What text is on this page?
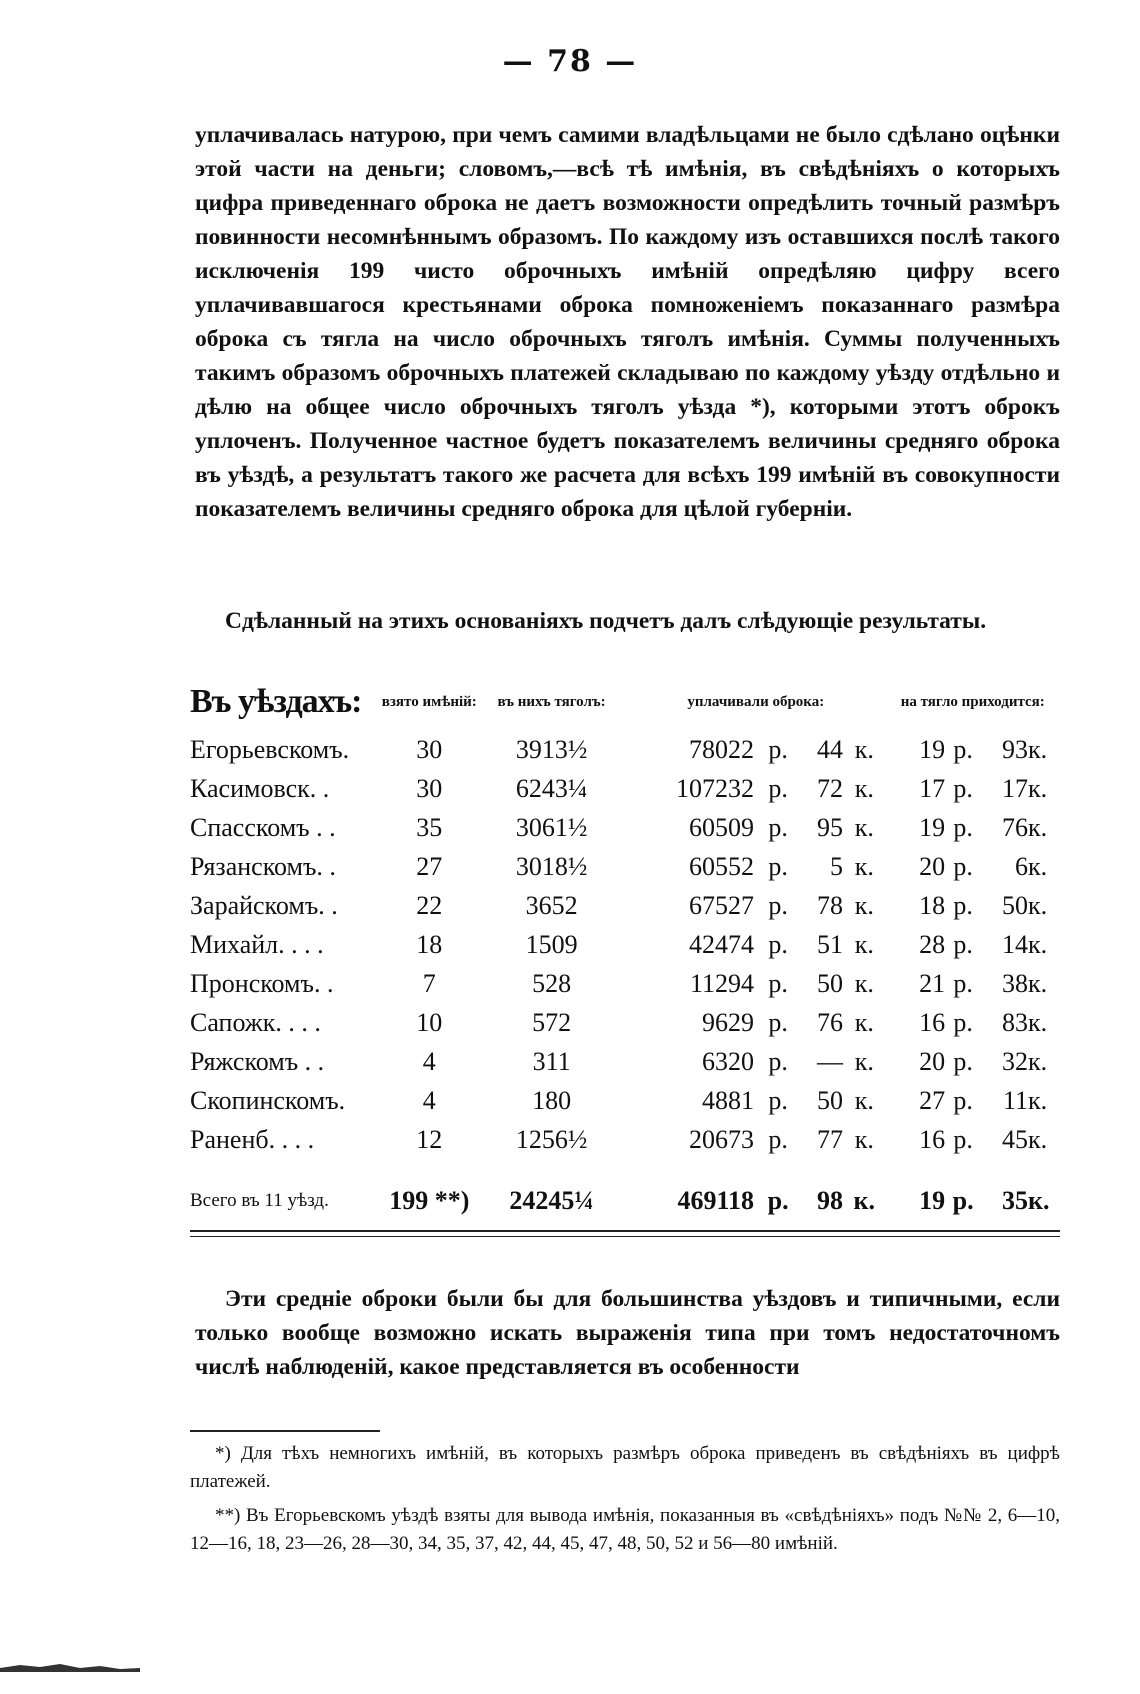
— 78 —

уплачивалась натурою, при чемъ самими владѣльцами не было сдѣлано оцѣнки этой части на деньги; словомъ,—всѣ тѣ имѣнія, въ свѣдѣніяхъ о которыхъ цифра приведеннаго оброка не даетъ возможности опредѣлить точный размѣръ повинности несомнѣннымъ образомъ. По каждому изъ оставшихся послѣ такого исключенія 199 чисто оброчныхъ имѣній опредѣляю цифру всего уплачивавшагося крестьянами оброка помноженіемъ показаннаго размѣра оброка съ тягла на число оброчныхъ тяголъ имѣнія. Суммы полученныхъ такимъ образомъ оброчныхъ платежей складываю по каждому уѣзду отдѣльно и дѣлю на общее число оброчныхъ тяголъ уѣзда *), которыми этотъ оброкъ уплоченъ. Полученное частное будетъ показателемъ величины средняго оброка въ уѣздѣ, а результатъ такого же расчета для всѣхъ 199 имѣній въ совокупности показателемъ величины средняго оброка для цѣлой губерніи.

Сдѣланный на этихъ основаніяхъ подчетъ далъ слѣдующіе результаты.

Въ уѣздахъ:	взято имѣній:	въ нихъ тяголъ:	уплачивали оброка:				на тягло приходится:			
Егорьевскомъ.	30	3913½	78022	р.	44	к.	19	р.	93	к.
Касимовск. .	30	6243¼	107232	р.	72	к.	17	р.	17	к.
Спасскомъ . .	35	3061½	60509	р.	95	к.	19	р.	76	к.
Рязанскомъ. .	27	3018½	60552	р.	5	к.	20	р.	6	к.
Зарайскомъ. .	22	3652	67527	р.	78	к.	18	р.	50	к.
Михайл. . . .	18	1509	42474	р.	51	к.	28	р.	14	к.
Пронскомъ. .	7	528	11294	р.	50	к.	21	р.	38	к.
Сапожк. . . .	10	572	9629	р.	76	к.	16	р.	83	к.
Ряжскомъ . .	4	311	6320	р.	—	к.	20	р.	32	к.
Скопинскомъ.	4	180	4881	р.	50	к.	27	р.	11	к.
Раненб. . . .	12	1256½	20673	р.	77	к.	16	р.	45	к.
Всего въ 11 уѣзд.	199 **)	24245¼	469118	р.	98	к.	19	р.	35	к.

Эти средніе оброки были бы для большинства уѣздовъ и типичными, если только вообще возможно искать выраженія типа при томъ недостаточномъ числѣ наблюденій, какое представляется въ особенности

*) Для тѣхъ немногихъ имѣній, въ которыхъ размѣръ оброка приведенъ въ свѣдѣніяхъ въ цифрѣ платежей.

**) Въ Егорьевскомъ уѣздѣ взяты для вывода имѣнія, показанныя въ «свѣдѣніяхъ» подъ №№ 2, 6—10, 12—16, 18, 23—26, 28—30, 34, 35, 37, 42, 44, 45, 47, 48, 50, 52 и 56—80 имѣній.
